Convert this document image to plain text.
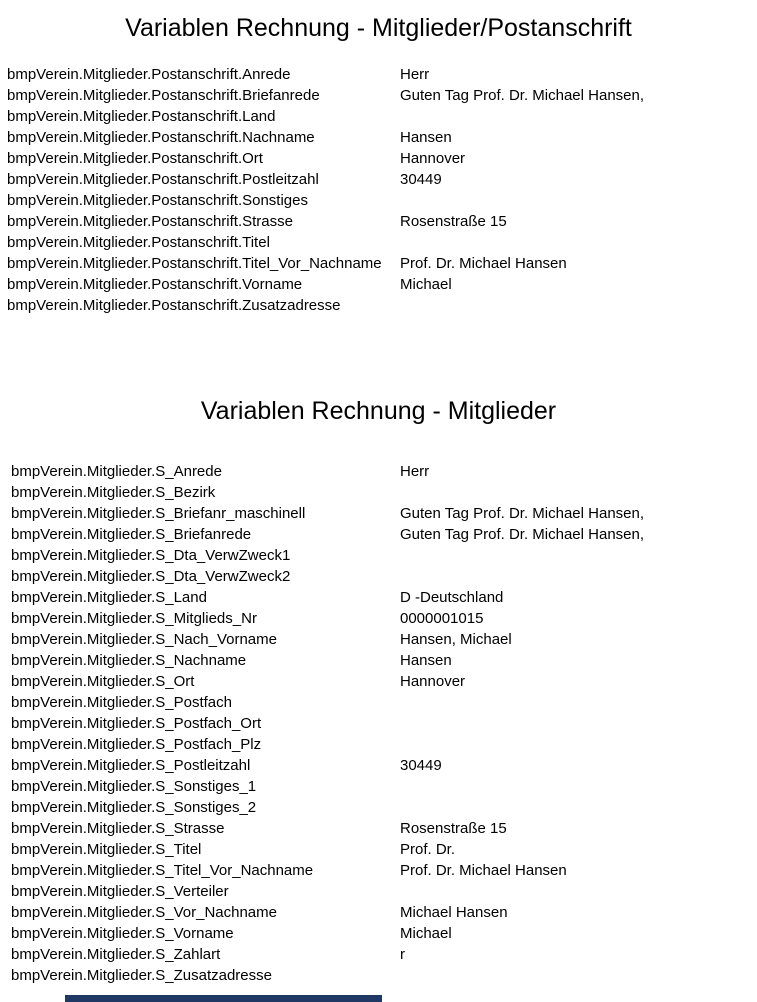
Variablen Rechnung - Mitglieder/Postanschrift
bmpVerein.Mitglieder.Postanschrift.Anrede	Herr
bmpVerein.Mitglieder.Postanschrift.Briefanrede	Guten Tag Prof. Dr. Michael Hansen,
bmpVerein.Mitglieder.Postanschrift.Land
bmpVerein.Mitglieder.Postanschrift.Nachname	Hansen
bmpVerein.Mitglieder.Postanschrift.Ort	Hannover
bmpVerein.Mitglieder.Postanschrift.Postleitzahl	30449
bmpVerein.Mitglieder.Postanschrift.Sonstiges
bmpVerein.Mitglieder.Postanschrift.Strasse	Rosenstraße 15
bmpVerein.Mitglieder.Postanschrift.Titel
bmpVerein.Mitglieder.Postanschrift.Titel_Vor_Nachname Prof. Dr. Michael Hansen
bmpVerein.Mitglieder.Postanschrift.Vorname	Michael
bmpVerein.Mitglieder.Postanschrift.Zusatzadresse
Variablen Rechnung - Mitglieder
bmpVerein.Mitglieder.S_Anrede	Herr
bmpVerein.Mitglieder.S_Bezirk
bmpVerein.Mitglieder.S_Briefanr_maschinell	Guten Tag Prof. Dr. Michael Hansen,
bmpVerein.Mitglieder.S_Briefanrede	Guten Tag Prof. Dr. Michael Hansen,
bmpVerein.Mitglieder.S_Dta_VerwZweck1
bmpVerein.Mitglieder.S_Dta_VerwZweck2
bmpVerein.Mitglieder.S_Land	D -Deutschland
bmpVerein.Mitglieder.S_Mitglieds_Nr	0000001015
bmpVerein.Mitglieder.S_Nach_Vorname	Hansen, Michael
bmpVerein.Mitglieder.S_Nachname	Hansen
bmpVerein.Mitglieder.S_Ort	Hannover
bmpVerein.Mitglieder.S_Postfach
bmpVerein.Mitglieder.S_Postfach_Ort
bmpVerein.Mitglieder.S_Postfach_Plz
bmpVerein.Mitglieder.S_Postleitzahl	30449
bmpVerein.Mitglieder.S_Sonstiges_1
bmpVerein.Mitglieder.S_Sonstiges_2
bmpVerein.Mitglieder.S_Strasse	Rosenstraße 15
bmpVerein.Mitglieder.S_Titel	Prof. Dr.
bmpVerein.Mitglieder.S_Titel_Vor_Nachname	Prof. Dr. Michael Hansen
bmpVerein.Mitglieder.S_Verteiler
bmpVerein.Mitglieder.S_Vor_Nachname	Michael Hansen
bmpVerein.Mitglieder.S_Vorname	Michael
bmpVerein.Mitglieder.S_Zahlart	r
bmpVerein.Mitglieder.S_Zusatzadresse
